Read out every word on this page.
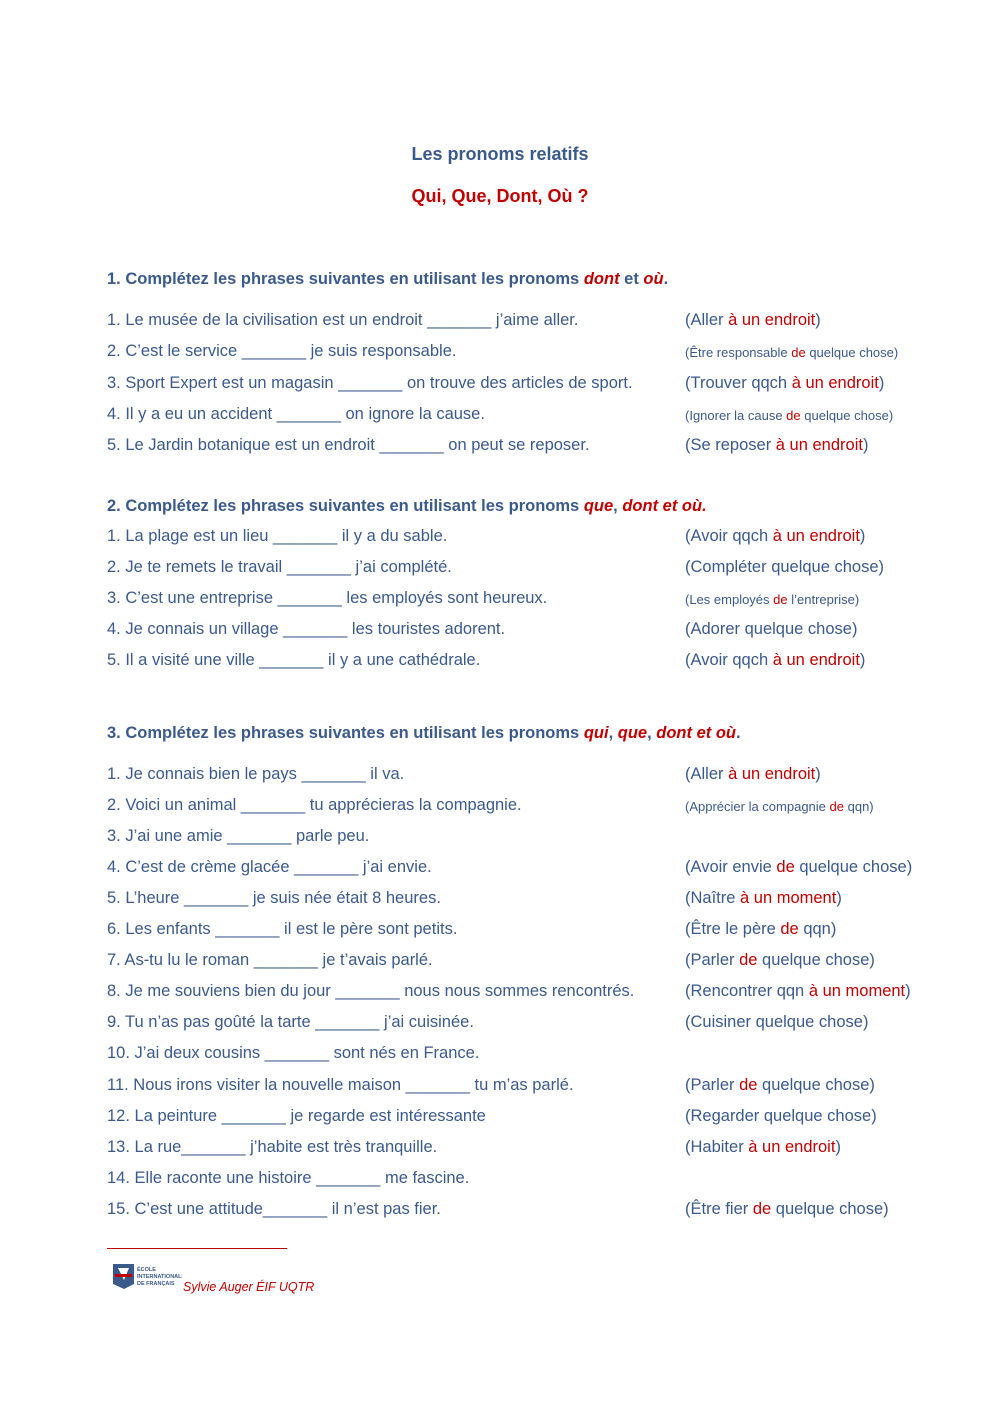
Les pronoms relatifs
Qui, Que, Dont, Où ?
1. Complétez les phrases suivantes en utilisant les pronoms dont et où.
1. Le musée de la civilisation est un endroit _______ j’aime aller.	(Aller à un endroit)
2. C’est le service _______ je suis responsable.	(Être responsable de quelque chose)
3. Sport Expert est un magasin _______ on trouve des articles de sport.	(Trouver qqch à un endroit)
4. Il y a eu un accident _______ on ignore la cause.	(Ignorer la cause de quelque chose)
5. Le Jardin botanique est un endroit _______ on peut se reposer.	(Se reposer à un endroit)
2. Complétez les phrases suivantes en utilisant les pronoms que, dont et où.
1. La plage est un lieu _______ il y a du sable.	(Avoir qqch à un endroit)
2. Je te remets le travail _______ j’ai complété.	(Compléter quelque chose)
3. C’est une entreprise _______ les employés sont heureux.	(Les employés de l’entreprise)
4. Je connais un village _______ les touristes adorent.	(Adorer quelque chose)
5. Il a visité une ville _______ il y a une cathédrale.	(Avoir qqch à un endroit)
3. Complétez les phrases suivantes en utilisant les pronoms qui, que, dont et où.
1. Je connais bien le pays _______ il va.	(Aller à un endroit)
2. Voici un animal _______ tu apprécieras la compagnie.	(Apprécier la compagnie de qqn)
3. J’ai une amie _______ parle peu.
4. C’est de crème glacée _______ j’ai envie.	(Avoir envie de quelque chose)
5. L’heure _______ je suis née était 8 heures.	(Naître à un moment)
6. Les enfants _______ il est le père sont petits.	(Être le père de qqn)
7. As-tu lu le roman _______ je t’avais parlé.	(Parler de quelque chose)
8. Je me souviens bien du jour _______ nous nous sommes rencontrés.	(Rencontrer qqn à un moment)
9. Tu n’as pas goûté la tarte _______ j’ai cuisinée.	(Cuisiner quelque chose)
10. J’ai deux cousins _______ sont nés en France.
11. Nous irons visiter la nouvelle maison _______ tu m’as parlé.	(Parler de quelque chose)
12. La peinture _______ je regarde est intéressante	(Regarder quelque chose)
13. La rue_______ j’habite est très tranquille.	(Habiter à un endroit)
14. Elle raconte une histoire _______ me fascine.
15. C’est une attitude_______ il n’est pas fier.	(Être fier de quelque chose)
ÉCOLE
INTERNATIONALE
DE FRANÇAIS Sylvie Auger ÉIF UQTR
